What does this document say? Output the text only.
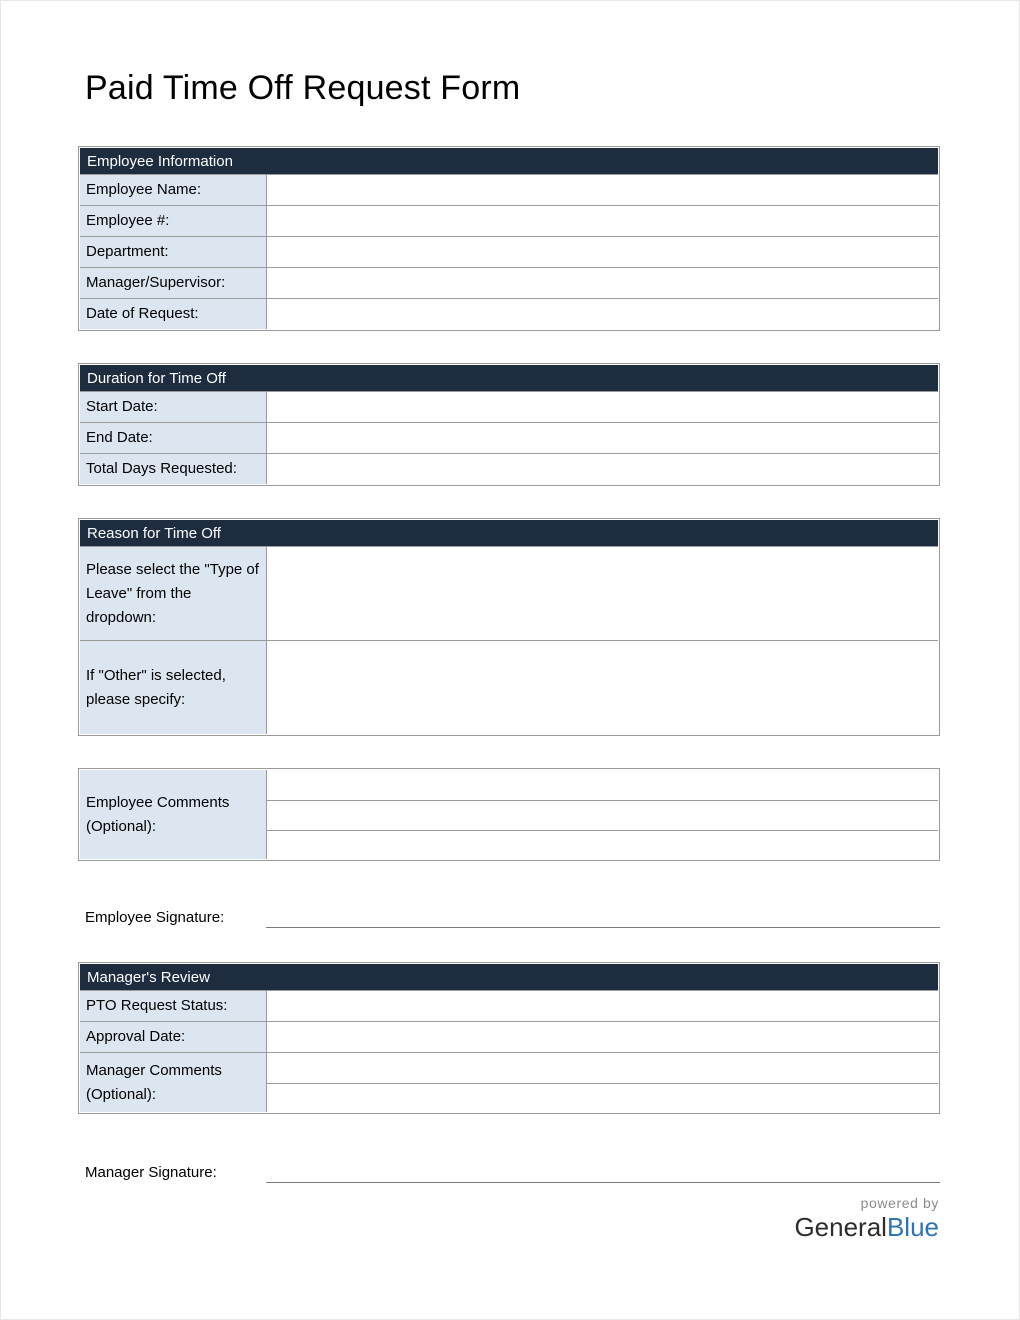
Paid Time Off Request Form
Employee Information
Employee Name:
Employee #:
Department:
Manager/Supervisor:
Date of Request:
Duration for Time Off
Start Date:
End Date:
Total Days Requested:
Reason for Time Off
Please select the "Type of Leave" from the dropdown:
If "Other" is selected, please specify:
Employee Comments (Optional):
Employee Signature:
Manager's Review
PTO Request Status:
Approval Date:
Manager Comments (Optional):
Manager Signature:
powered by
GeneralBlue
